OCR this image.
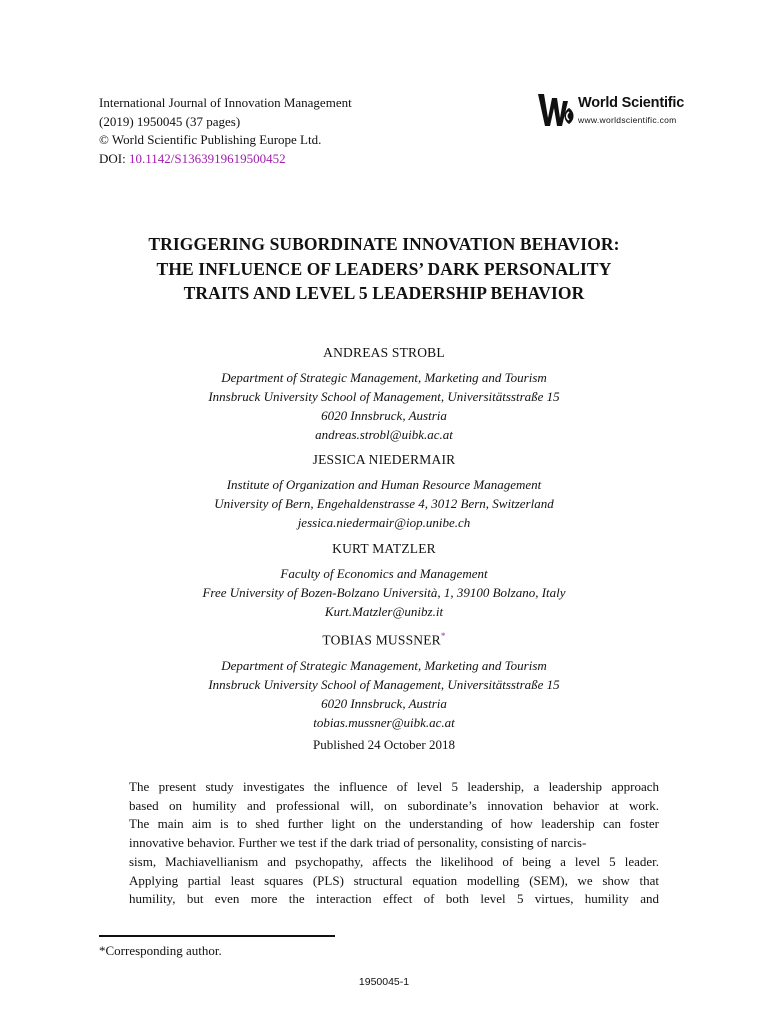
International Journal of Innovation Management
(2019) 1950045 (37 pages)
© World Scientific Publishing Europe Ltd.
DOI: 10.1142/S1363919619500452
World Scientific
www.worldscientific.com
TRIGGERING SUBORDINATE INNOVATION BEHAVIOR:
THE INFLUENCE OF LEADERS’ DARK PERSONALITY
TRAITS AND LEVEL 5 LEADERSHIP BEHAVIOR
ANDREAS STROBL
Department of Strategic Management, Marketing and Tourism
Innsbruck University School of Management, Universitätsstraße 15
6020 Innsbruck, Austria
andreas.strobl@uibk.ac.at
JESSICA NIEDERMAIR
Institute of Organization and Human Resource Management
University of Bern, Engehaldenstrasse 4, 3012 Bern, Switzerland
jessica.niedermair@iop.unibe.ch
KURT MATZLER
Faculty of Economics and Management
Free University of Bozen-Bolzano Università, 1, 39100 Bolzano, Italy
Kurt.Matzler@unibz.it
TOBIAS MUSSNER*
Department of Strategic Management, Marketing and Tourism
Innsbruck University School of Management, Universitätsstraße 15
6020 Innsbruck, Austria
tobias.mussner@uibk.ac.at
Published 24 October 2018
The present study investigates the influence of level 5 leadership, a leadership approach
based on humility and professional will, on subordinate’s innovation behavior at work.
The main aim is to shed further light on the understanding of how leadership can foster
innovative behavior. Further we test if the dark triad of personality, consisting of narcis-
sism, Machiavellianism and psychopathy, affects the likelihood of being a level 5 leader.
Applying partial least squares (PLS) structural equation modelling (SEM), we show that
humility, but even more the interaction effect of both level 5 virtues, humility and
*Corresponding author.
1950045-1
